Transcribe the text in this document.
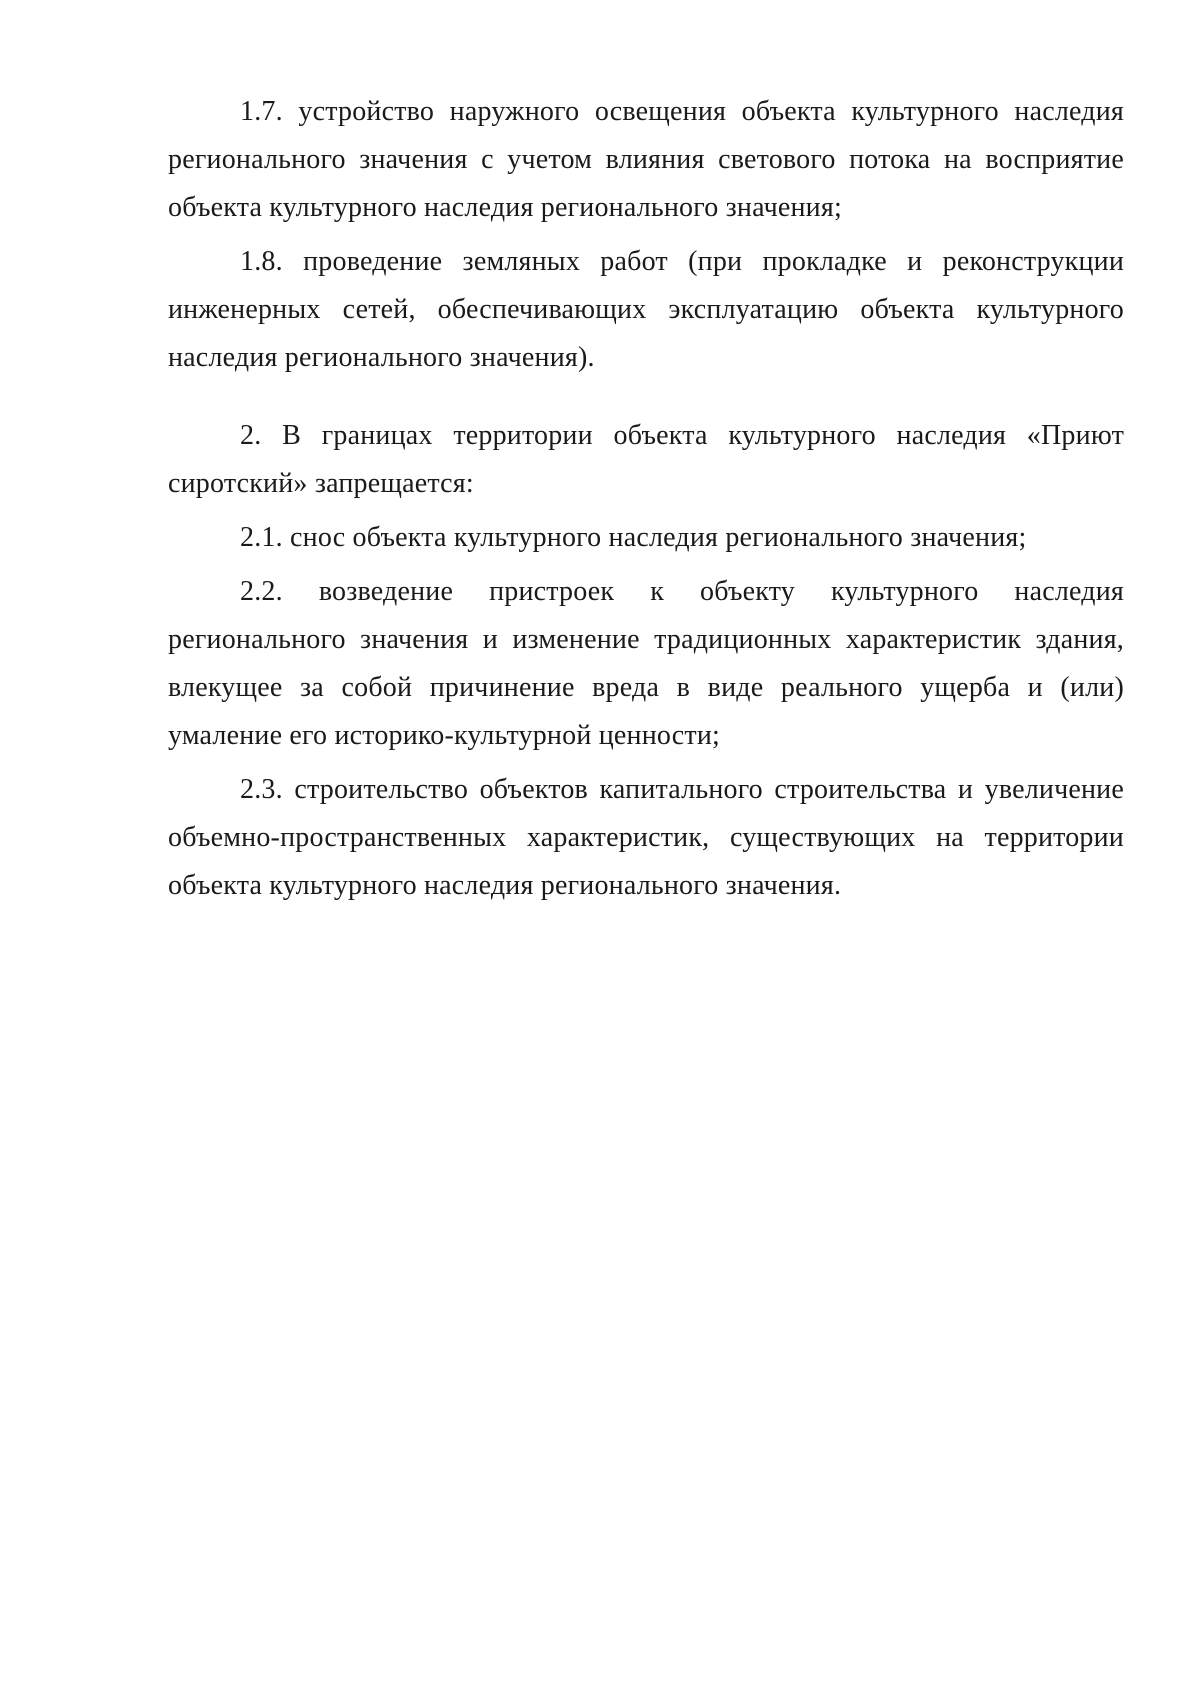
1.7. устройство наружного освещения объекта культурного наследия регионального значения с учетом влияния светового потока на восприятие объекта культурного наследия регионального значения;

1.8. проведение земляных работ (при прокладке и реконструкции инженерных сетей, обеспечивающих эксплуатацию объекта культурного наследия регионального значения).

2. В границах территории объекта культурного наследия «Приют сиротский» запрещается:

2.1. снос объекта культурного наследия регионального значения;

2.2. возведение пристроек к объекту культурного наследия регионального значения и изменение традиционных характеристик здания, влекущее за собой причинение вреда в виде реального ущерба и (или) умаление его историко-культурной ценности;

2.3. строительство объектов капитального строительства и увеличение объемно-пространственных характеристик, существующих на территории объекта культурного наследия регионального значения.
